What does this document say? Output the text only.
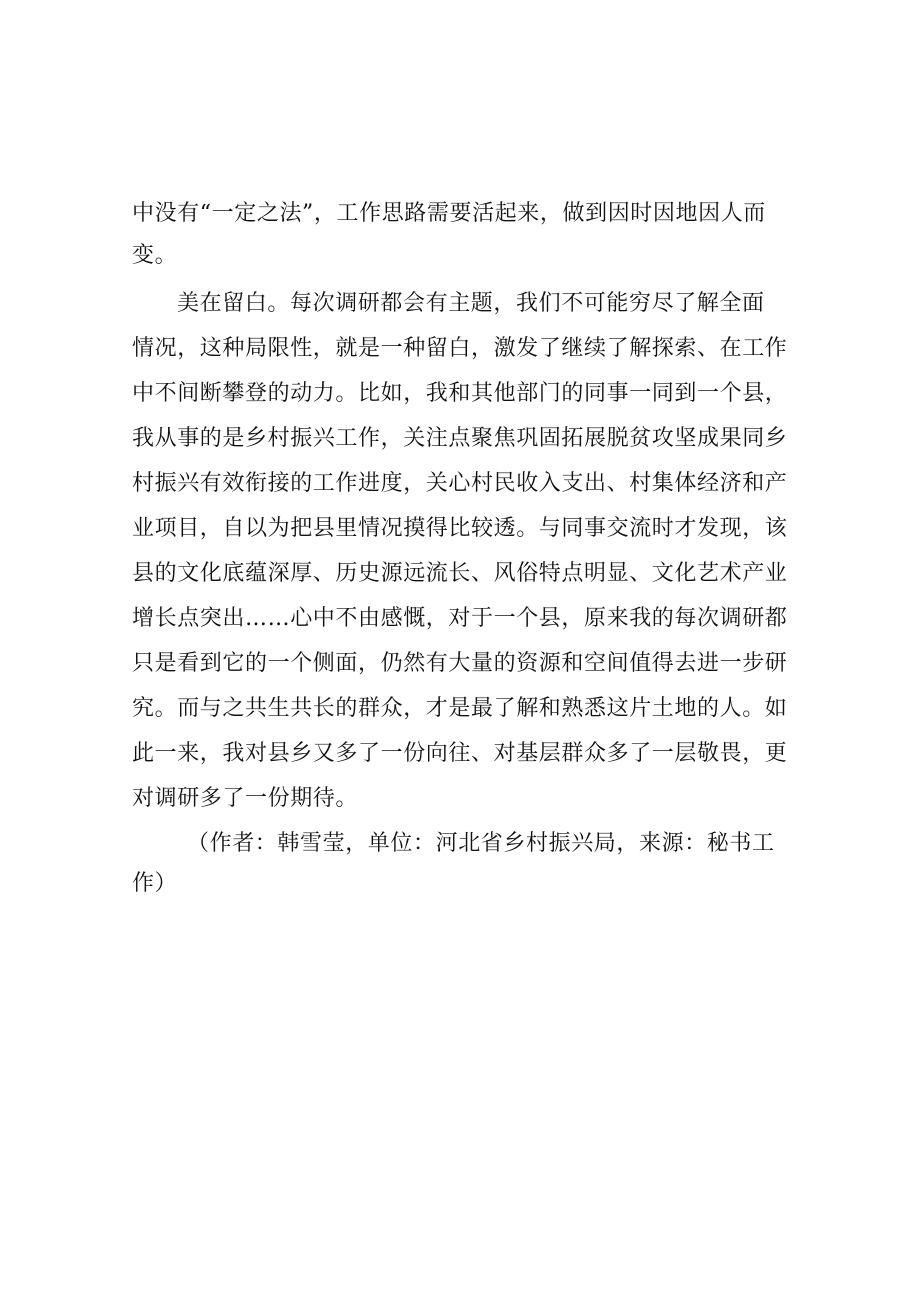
中没有“一定之法”，工作思路需要活起来，做到因时因地因人而
变。
美在留白。每次调研都会有主题，我们不可能穷尽了解全面
情况，这种局限性，就是一种留白，激发了继续了解探索、在工作
中不间断攀登的动力。比如，我和其他部门的同事一同到一个县，
我从事的是乡村振兴工作，关注点聚焦巩固拓展脱贫攻坚成果同乡
村振兴有效衔接的工作进度，关心村民收入支出、村集体经济和产
业项目，自以为把县里情况摸得比较透。与同事交流时才发现，该
县的文化底蕴深厚、历史源远流长、风俗特点明显、文化艺术产业
增长点突出……心中不由感慨，对于一个县，原来我的每次调研都
只是看到它的一个侧面，仍然有大量的资源和空间值得去进一步研
究。而与之共生共长的群众，才是最了解和熟悉这片土地的人。如
此一来，我对县乡又多了一份向往、对基层群众多了一层敬畏，更
对调研多了一份期待。
（作者：韩雪莹，单位：河北省乡村振兴局，来源：秘书工
作）
